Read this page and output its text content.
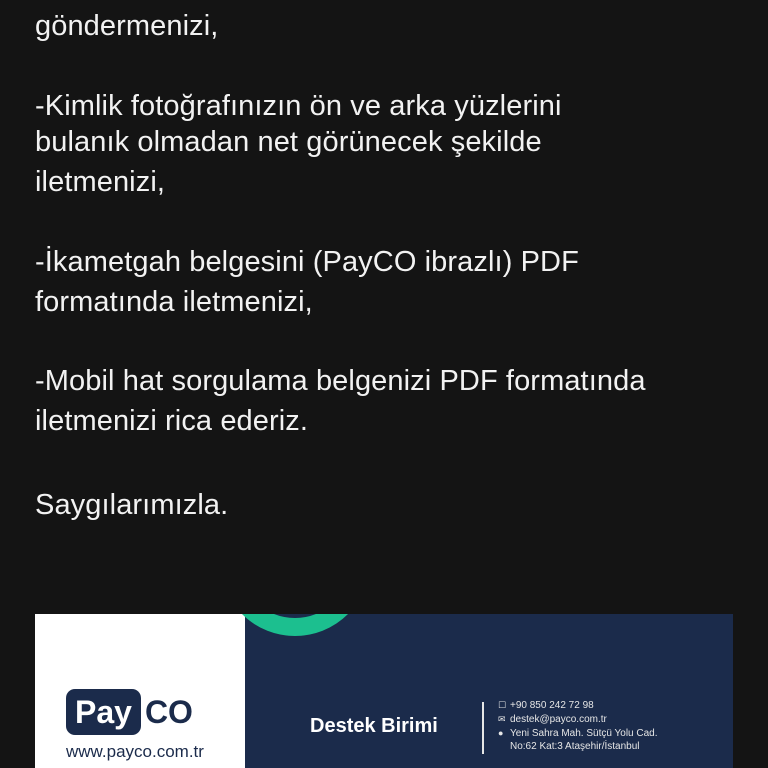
göndermenizi,
-Kimlik fotoğrafınızın ön ve arka yüzlerini
bulanık olmadan net görünecek şekilde
iletmenizi,
-İkametgah belgesini (PayCO ibrazlı) PDF
formatında iletmenizi,
-Mobil hat sorgulama belgenizi PDF formatında
iletmenizi rica ederiz.
Saygılarımızla.
Pay CO
www.payco.com.tr
Destek Birimi
☐ +90 850 242 72 98
✉ destek@payco.com.tr
● Yeni Sahra Mah. Sütçü Yolu Cad.
No:62 Kat:3 Ataşehir/İstanbul
